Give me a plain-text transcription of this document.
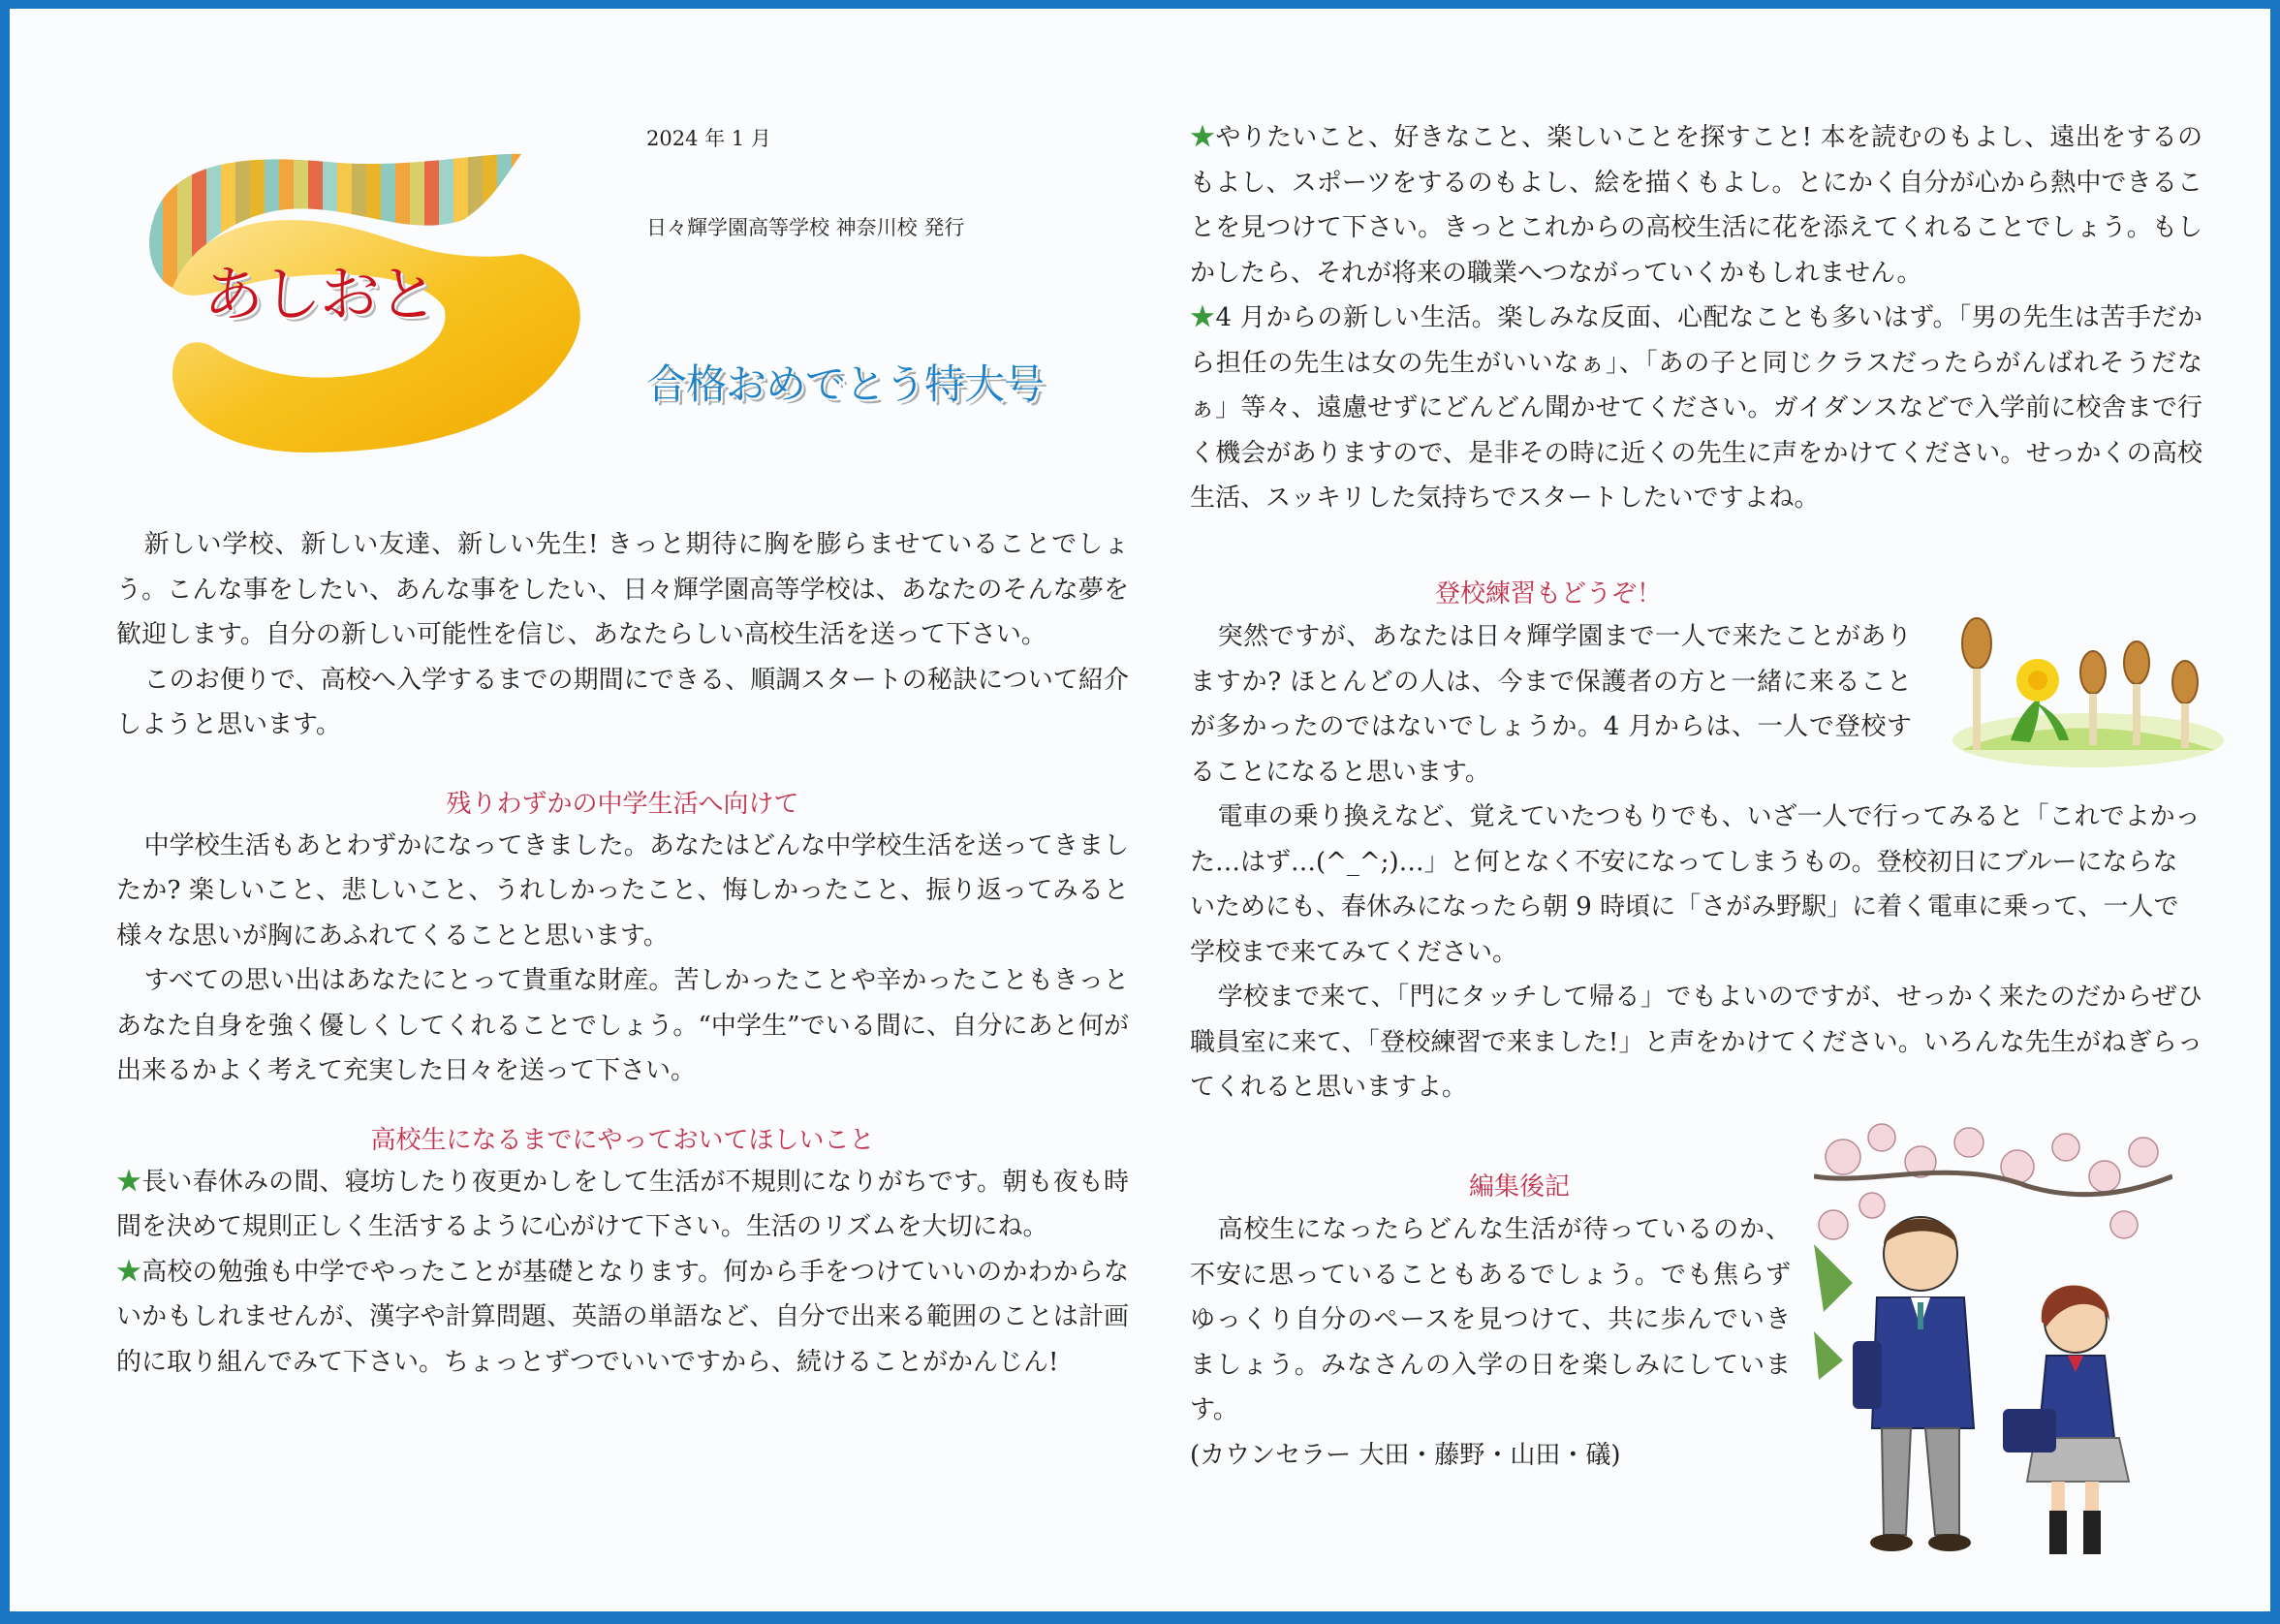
あしおと
2024 年 1 月
日々輝学園高等学校 神奈川校 発行
合格おめでとう特大号

新しい学校、新しい友達、新しい先生! きっと期待に胸を膨らませていることでしょう。こんな事をしたい、あんな事をしたい、日々輝学園高等学校は、あなたのそんな夢を歓迎します。自分の新しい可能性を信じ、あなたらしい高校生活を送って下さい。

このお便りで、高校へ入学するまでの期間にできる、順調スタートの秘訣について紹介しようと思います。

残りわずかの中学生活へ向けて

中学校生活もあとわずかになってきました。あなたはどんな中学校生活を送ってきましたか? 楽しいこと、悲しいこと、うれしかったこと、悔しかったこと、振り返ってみると様々な思いが胸にあふれてくることと思います。

すべての思い出はあなたにとって貴重な財産。苦しかったことや辛かったこともきっとあなた自身を強く優しくしてくれることでしょう。“中学生”でいる間に、自分にあと何が出来るかよく考えて充実した日々を送って下さい。

高校生になるまでにやっておいてほしいこと

★長い春休みの間、寝坊したり夜更かしをして生活が不規則になりがちです。朝も夜も時間を決めて規則正しく生活するように心がけて下さい。生活のリズムを大切にね。

★高校の勉強も中学でやったことが基礎となります。何から手をつけていいのかわからないかもしれませんが、漢字や計算問題、英語の単語など、自分で出来る範囲のことは計画的に取り組んでみて下さい。ちょっとずつでいいですから、続けることがかんじん!

★やりたいこと、好きなこと、楽しいことを探すこと! 本を読むのもよし、遠出をするのもよし、スポーツをするのもよし、絵を描くもよし。とにかく自分が心から熱中できることを見つけて下さい。きっとこれからの高校生活に花を添えてくれることでしょう。もしかしたら、それが将来の職業へつながっていくかもしれません。

★4 月からの新しい生活。楽しみな反面、心配なことも多いはず。「男の先生は苦手だから担任の先生は女の先生がいいなぁ」、「あの子と同じクラスだったらがんばれそうだなぁ」等々、遠慮せずにどんどん聞かせてください。ガイダンスなどで入学前に校舎まで行く機会がありますので、是非その時に近くの先生に声をかけてください。せっかくの高校生活、スッキリした気持ちでスタートしたいですよね。

登校練習もどうぞ！

突然ですが、あなたは日々輝学園まで一人で来たことがありますか? ほとんどの人は、今まで保護者の方と一緒に来ることが多かったのではないでしょうか。4 月からは、一人で登校することになると思います。

電車の乗り換えなど、覚えていたつもりでも、いざ一人で行ってみると「これでよかった…はず…(^_^;)…」と何となく不安になってしまうもの。登校初日にブルーにならないためにも、春休みになったら朝 9 時頃に「さがみ野駅」に着く電車に乗って、一人で学校まで来てみてください。

学校まで来て、「門にタッチして帰る」でもよいのですが、せっかく来たのだからぜひ職員室に来て、「登校練習で来ました!」と声をかけてください。いろんな先生がねぎらってくれると思いますよ。

編集後記

高校生になったらどんな生活が待っているのか、不安に思っていることもあるでしょう。でも焦らずゆっくり自分のペースを見つけて、共に歩んでいきましょう。みなさんの入学の日を楽しみにしています。

(カウンセラー 大田・藤野・山田・礒)
